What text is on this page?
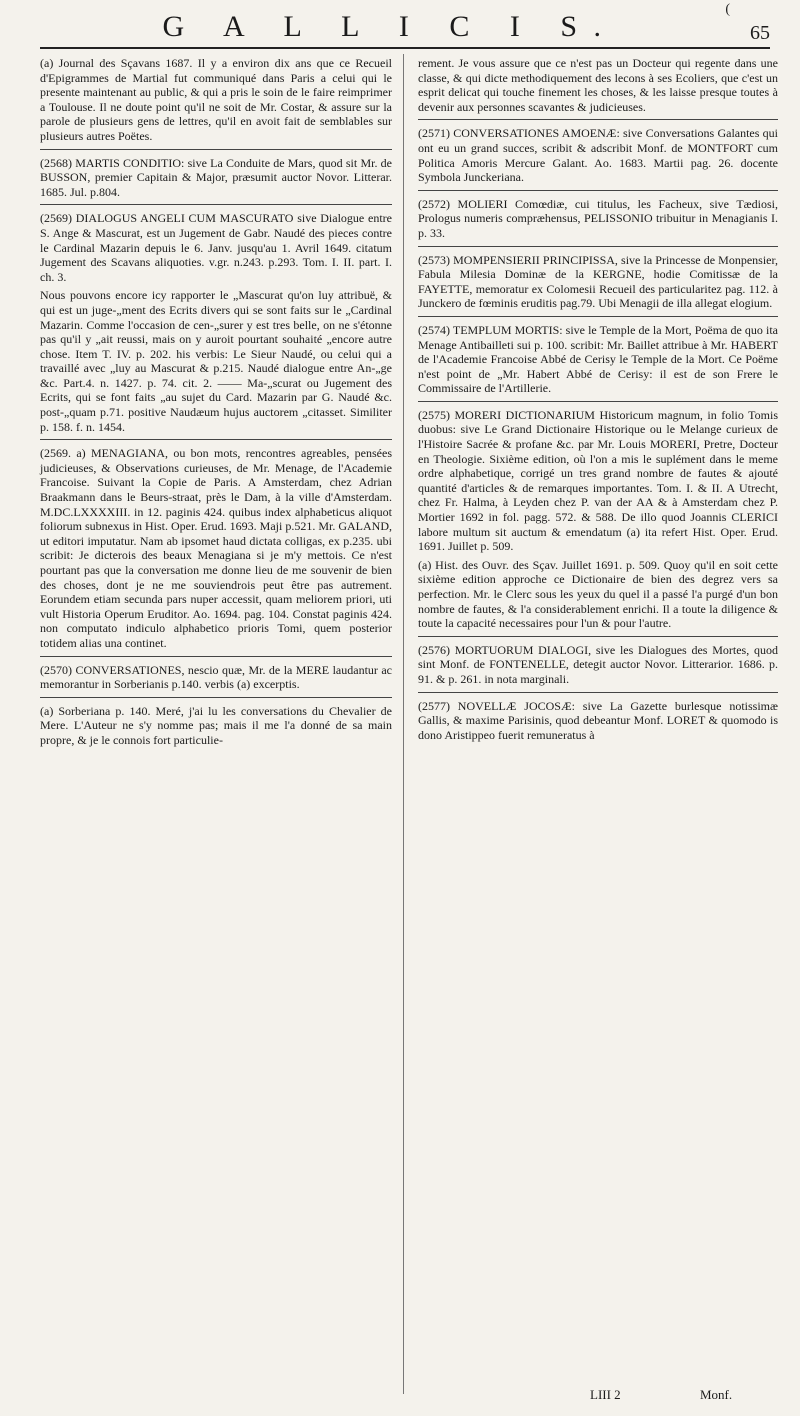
(
G A L L I C I S.	65

(a) Journal des Sçavans 1687. Il y a environ dix ans que ce Recueil d'Epigrammes de Martial fut communiqué dans Paris a celui qui le presente maintenant au public, & qui a pris le soin de le faire reimprimer a Toulouse. Il ne doute point qu'il ne soit de Mr. Costar, & assure sur la parole de plusieurs gens de lettres, qu'il en avoit fait de semblables sur plusieurs autres Poëtes.

(2568) MARTIS CONDITIO: sive La Conduite de Mars, quod sit Mr. de BUSSON, premier Capitain & Major, præsumit auctor Novor. Litterar. 1685. Jul. p.804.

(2569) DIALOGUS ANGELI CUM MASCURATO sive Dialogue entre S. Ange & Mascurat, est un Jugement de Gabr. Naudé des pieces contre le Cardinal Mazarin depuis le 6. Janv. jusqu'au 1. Avril 1649. citatum Jugement des Scavans aliquoties. v.gr. n.243. p.293. Tom. I. II. part. I. ch. 3.

Nous pouvons encore icy rapporter le „Mascurat qu'on luy attribuë, & qui est un juge-„ment des Ecrits divers qui se sont faits sur le „Cardinal Mazarin. Comme l'occasion de cen-„surer y est tres belle, on ne s'étonne pas qu'il y „ait reussi, mais on y auroit pourtant souhaité „encore autre chose. Item T. IV. p. 202. his verbis: Le Sieur Naudé, ou celui qui a travaillé avec „luy au Mascurat & p.215. Naudé dialogue entre An-„ge &c. Part.4. n. 1427. p. 74. cit. 2. —— Ma-„scurat ou Jugement des Ecrits, qui se font faits „au sujet du Card. Mazarin par G. Naudé &c. post-„quam p.71. positive Naudæum hujus auctorem „citasset. Similiter p. 158. f. n. 1454.

(2569. a) MENAGIANA, ou bon mots, rencontres agreables, pensées judicieuses, & Observations curieuses, de Mr. Menage, de l'Academie Francoise. Suivant la Copie de Paris. A Amsterdam, chez Adrian Braakmann dans le Beurs-straat, près le Dam, à la ville d'Amsterdam. M.DC.LXXXXIII. in 12. paginis 424. quibus index alphabeticus aliquot foliorum subnexus in Hist. Oper. Erud. 1693. Maji p.521. Mr. GALAND, ut editori imputatur. Nam ab ipsomet haud dictata colligas, ex p.235. ubi scribit: Je dicterois des beaux Menagiana si je m'y mettois. Ce n'est pourtant pas que la conversation me donne lieu de me souvenir de bien des choses, dont je ne me souviendrois peut être pas autrement. Eorundem etiam secunda pars nuper accessit, quam meliorem priori, uti vult Historia Operum Eruditor. Ao. 1694. pag. 104. Constat paginis 424. non computato indiculo alphabetico prioris Tomi, quem posterior totidem alias una continet.

(2570) CONVERSATIONES, nescio quæ, Mr. de la MERE laudantur ac memorantur in Sorberianis p.140. verbis (a) excerptis.

(a) Sorberiana p. 140. Meré, j'ai lu les conversations du Chevalier de Mere. L'Auteur ne s'y nomme pas; mais il me l'a donné de sa main propre, & je le connois fort particulie-

rement. Je vous assure que ce n'est pas un Docteur qui regente dans une classe, & qui dicte methodiquement des lecons à ses Ecoliers, que c'est un esprit delicat qui touche finement les choses, & les laisse presque toutes à devenir aux personnes scavantes & judicieuses.

(2571) CONVERSATIONES AMOENÆ: sive Conversations Galantes qui ont eu un grand succes, scribit & adscribit Monf. de MONTFORT cum Politica Amoris Mercure Galant. Ao. 1683. Martii pag. 26. docente Symbola Junckeriana.

(2572) MOLIERI Comœdiæ, cui titulus, les Facheux, sive Tædiosi, Prologus numeris compræhensus, PELISSONIO tribuitur in Menagianis I. p. 33.

(2573) MOMPENSIERII PRINCIPISSA, sive la Princesse de Monpensier, Fabula Milesia Dominæ de la KERGNE, hodie Comitissæ de la FAYETTE, memoratur ex Colomesii Recueil des particularitez pag. 112. à Junckero de fœminis eruditis pag.79. Ubi Menagii de illa allegat elogium.

(2574) TEMPLUM MORTIS: sive le Temple de la Mort, Poëma de quo ita Menage Antibailleti sui p. 100. scribit: Mr. Baillet attribue à Mr. HABERT de l'Academie Francoise Abbé de Cerisy le Temple de la Mort. Ce Poëme n'est point de „Mr. Habert Abbé de Cerisy: il est de son Frere le Commissaire de l'Artillerie.

(2575) MORERI DICTIONARIUM Historicum magnum, in folio Tomis duobus: sive Le Grand Dictionaire Historique ou le Melange curieux de l'Histoire Sacrée & profane &c. par Mr. Louis MORERI, Pretre, Docteur en Theologie. Sixième edition, où l'on a mis le suplément dans le meme ordre alphabetique, corrigé un tres grand nombre de fautes & ajouté quantité d'articles & de remarques importantes. Tom. I. & II. A Utrecht, chez Fr. Halma, à Leyden chez P. van der AA & à Amsterdam chez P. Mortier 1692 in fol. pagg. 572. & 588. De illo quod Joannis CLERICI labore multum sit auctum & emendatum (a) ita refert Hist. Oper. Erud. 1691. Juillet p. 509.

(a) Hist. des Ouvr. des Sçav. Juillet 1691. p. 509. Quoy qu'il en soit cette sixième edition approche ce Dictionaire de bien des degrez vers sa perfection. Mr. le Clerc sous les yeux du quel il a passé l'a purgé d'un bon nombre de fautes, & l'a considerablement enrichi. Il a toute la diligence & toute la capacité necessaires pour l'un & pour l'autre.

(2576) MORTUORUM DIALOGI, sive les Dialogues des Mortes, quod sint Monf. de FONTENELLE, detegit auctor Novor. Litterarior. 1686. p. 91. & p. 261. in nota marginali.

(2577) NOVELLÆ JOCOSÆ: sive La Gazette burlesque notissimæ Gallis, & maxime Parisinis, quod debeantur Monf. LORET & quomodo is dono Aristippeo fuerit remuneratus à

LIII 2	Monf.
